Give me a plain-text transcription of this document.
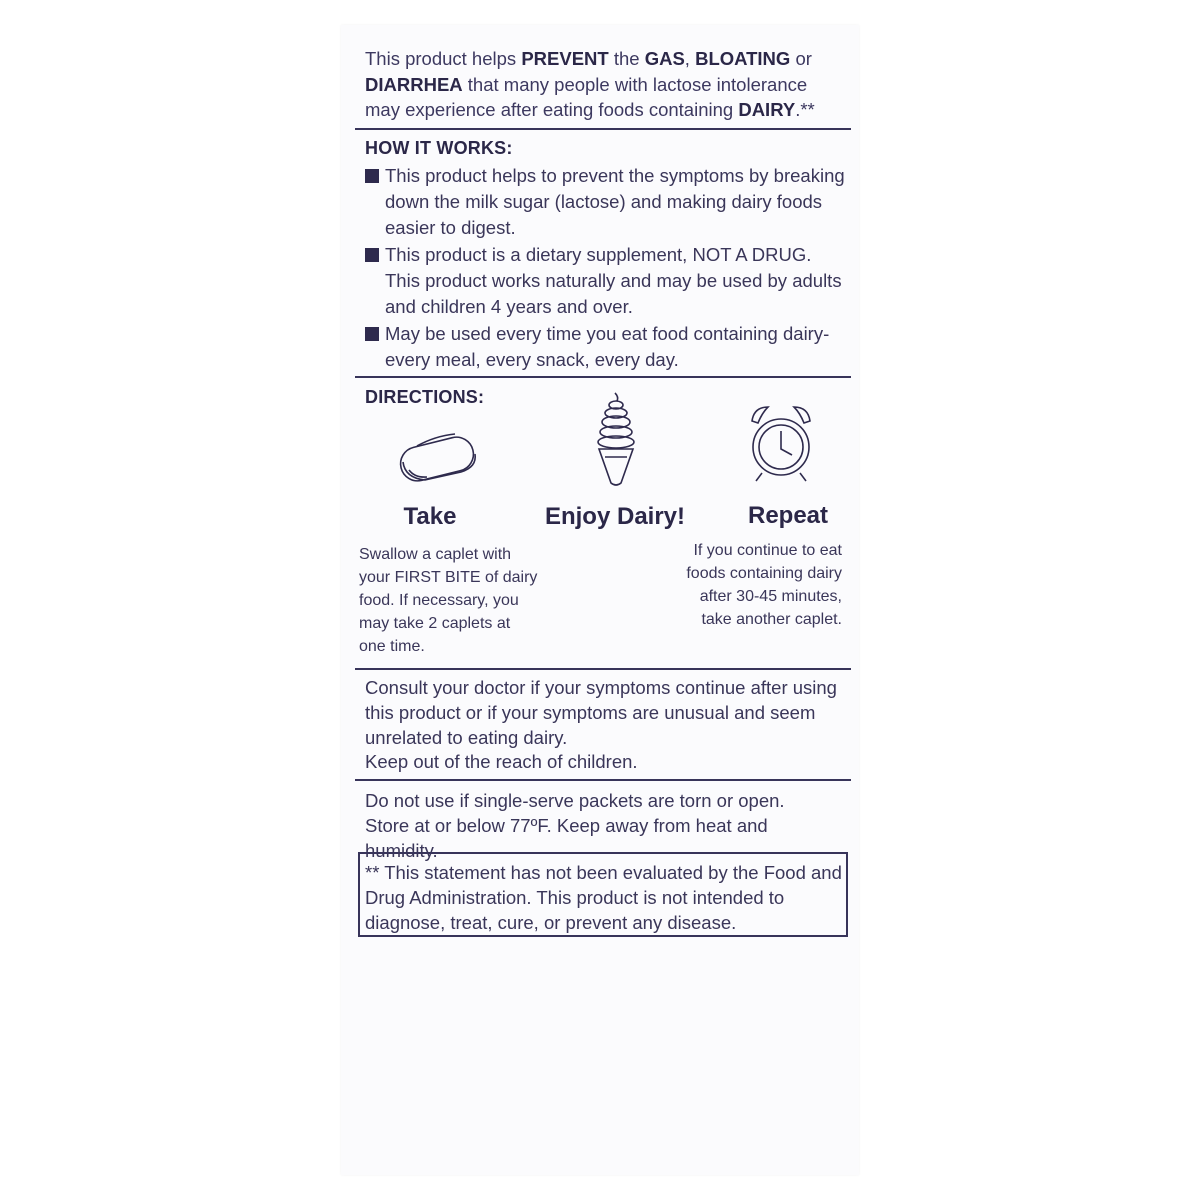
This product helps PREVENT the GAS, BLOATING or DIARRHEA that many people with lactose intolerance may experience after eating foods containing DAIRY.**
HOW IT WORKS:
This product helps to prevent the symptoms by breaking down the milk sugar (lactose) and making dairy foods easier to digest.
This product is a dietary supplement, NOT A DRUG. This product works naturally and may be used by adults and children 4 years and over.
May be used every time you eat food containing dairy-every meal, every snack, every day.
DIRECTIONS:
Take	Enjoy Dairy!	Repeat
Swallow a caplet with your FIRST BITE of dairy food. If necessary, you may take 2 caplets at one time.
If you continue to eat foods containing dairy after 30-45 minutes, take another caplet.
Consult your doctor if your symptoms continue after using this product or if your symptoms are unusual and seem unrelated to eating dairy.
Keep out of the reach of children.
Do not use if single-serve packets are torn or open.
Store at or below 77ºF. Keep away from heat and humidity.
** This statement has not been evaluated by the Food and Drug Administration. This product is not intended to diagnose, treat, cure, or prevent any disease.
